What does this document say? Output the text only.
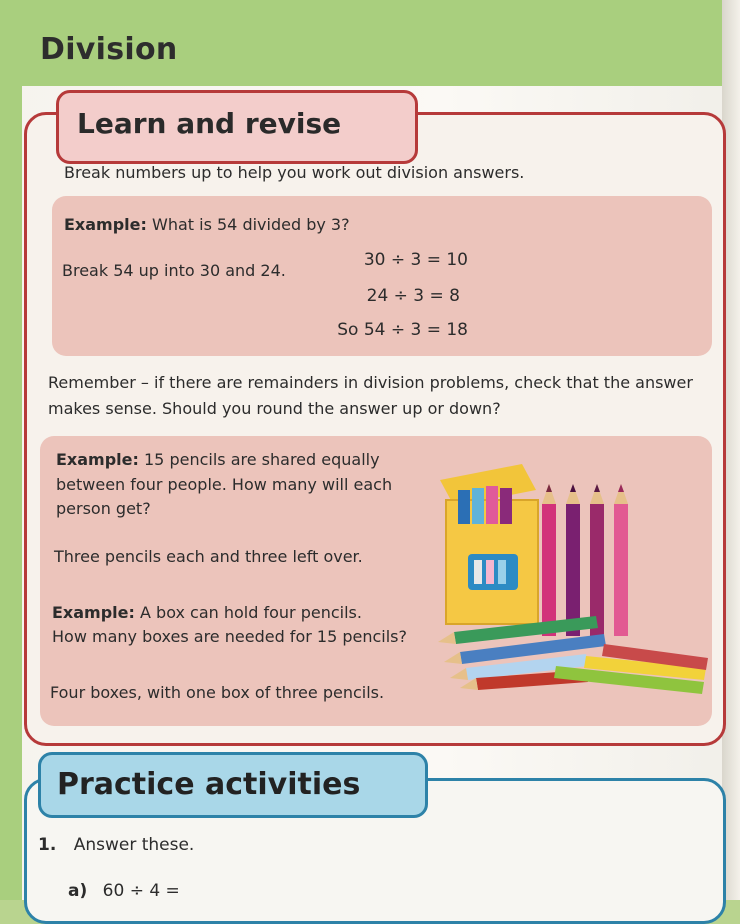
Division
Learn and revise

Break numbers up to help you work out division answers.

Example: What is 54 divided by 3?

Break 54 up into 30 and 24.

30 ÷ 3 = 10
24 ÷ 3 = 8
So 54 ÷ 3 = 18

Remember – if there are remainders in division problems, check that the answer

makes sense. Should you round the answer up or down?

Example: 15 pencils are shared equally

between four people. How many will each

person get?

Three pencils each and three left over.

Example: A box can hold four pencils.

How many boxes are needed for 15 pencils?

Four boxes, with one box of three pencils.

Practice activities

1. Answer these.

a) 60 ÷ 4 =
